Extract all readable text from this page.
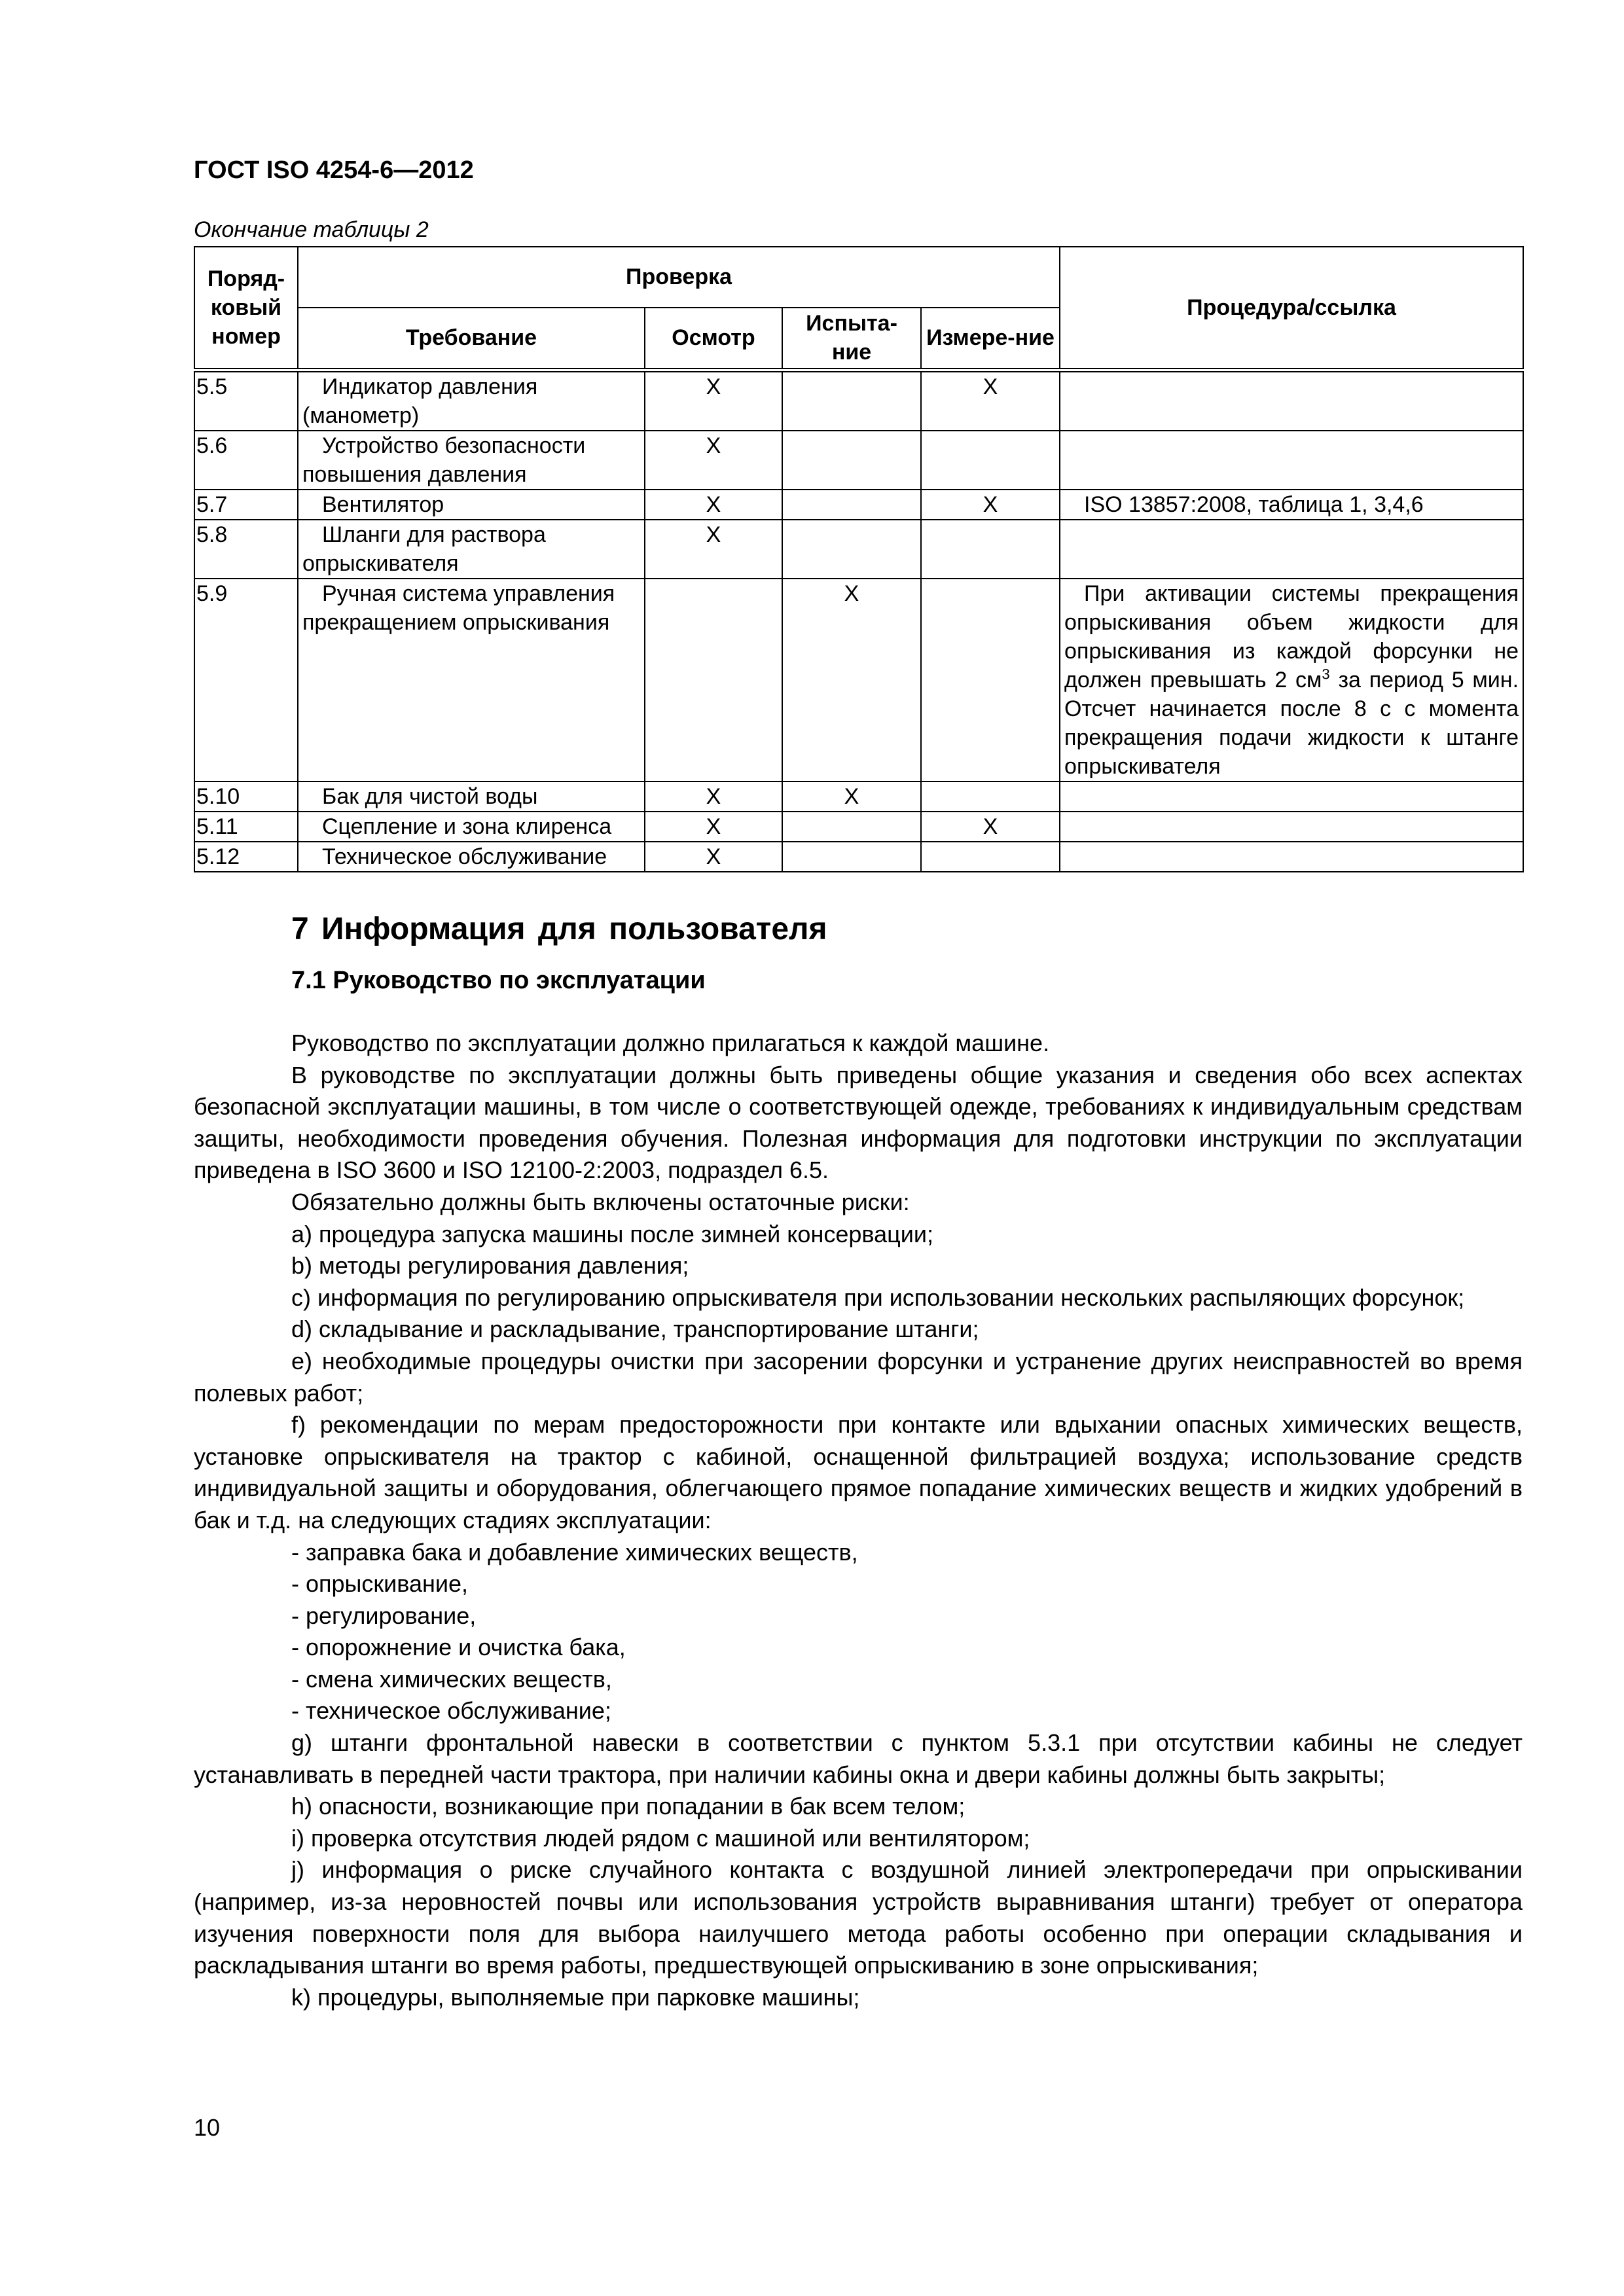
ГОСТ ISO 4254-6—2012

Окончание таблицы 2

Поряд-ковый номер	Проверка				Процедура/ссылка
	Требование	Осмотр	Испыта-ние	Измере-ние	
5.5	Индикатор давления (манометр)	X		X	
5.6	Устройство безопасности повышения давления	X			
5.7	Вентилятор	X		X	ISO 13857:2008, таблица 1, 3,4,6
5.8	Шланги для раствора опрыскивателя	X			
5.9	Ручная система управления прекращением опрыскивания		X		При активации системы прекращения опрыскивания объем жидкости для опрыскивания из каждой форсунки не должен превышать 2 $см^3$ за период 5 мин. Отсчет начинается после 8 с с момента прекращения подачи жидкости к штанге опрыскивателя
5.10	Бак для чистой воды	X	X		
5.11	Сцепление и зона клиренса	X		X	
5.12	Техническое обслуживание	X			
7 Информация для пользователя
7.1 Руководство по эксплуатации

Руководство по эксплуатации должно прилагаться к каждой машине.

В руководстве по эксплуатации должны быть приведены общие указания и сведения обо всех аспектах безопасной эксплуатации машины, в том числе о соответствующей одежде, требованиях к индивидуальным средствам защиты, необходимости проведения обучения. Полезная информация для подготовки инструкции по эксплуатации приведена в ISO 3600 и ISO 12100-2:2003, подраздел 6.5.

Обязательно должны быть включены остаточные риски:

a) процедура запуска машины после зимней консервации;

b) методы регулирования давления;

c) информация по регулированию опрыскивателя при использовании нескольких распыляющих форсунок;

d) складывание и раскладывание, транспортирование штанги;

e) необходимые процедуры очистки при засорении форсунки и устранение других неисправностей во время полевых работ;

f) рекомендации по мерам предосторожности при контакте или вдыхании опасных химических веществ, установке опрыскивателя на трактор с кабиной, оснащенной фильтрацией воздуха; использование средств индивидуальной защиты и оборудования, облегчающего прямое попадание химических веществ и жидких удобрений в бак и т.д. на следующих стадиях эксплуатации:

- заправка бака и добавление химических веществ,

- опрыскивание,

- регулирование,

- опорожнение и очистка бака,

- смена химических веществ,

- техническое обслуживание;

g) штанги фронтальной навески в соответствии с пунктом 5.3.1 при отсутствии кабины не следует устанавливать в передней части трактора, при наличии кабины окна и двери кабины должны быть закрыты;

h) опасности, возникающие при попадании в бак всем телом;

i) проверка отсутствия людей рядом с машиной или вентилятором;

j) информация о риске случайного контакта с воздушной линией электропередачи при опрыскивании (например, из-за неровностей почвы или использования устройств выравнивания штанги) требует от оператора изучения поверхности поля для выбора наилучшего метода работы особенно при операции складывания и раскладывания штанги во время работы, предшествующей опрыскиванию в зоне опрыскивания;

k) процедуры, выполняемые при парковке машины;

10
